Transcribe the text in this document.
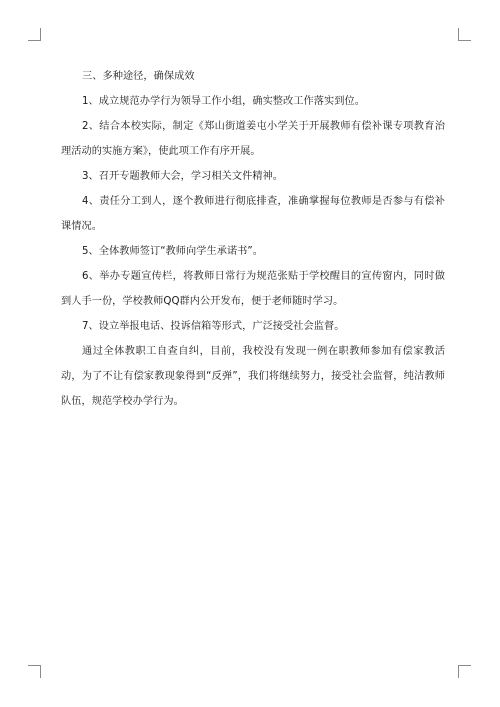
三、多种途径，确保成效

1、成立规范办学行为领导工作小组，确实整改工作落实到位。

2、结合本校实际，制定《郑山街道姜屯小学关于开展教师有偿补课专项教育治理活动的实施方案》，使此项工作有序开展。

3、召开专题教师大会，学习相关文件精神。

4、责任分工到人，逐个教师进行彻底排查，准确掌握每位教师是否参与有偿补课情况。

5、全体教师签订“教师向学生承诺书”。

6、举办专题宣传栏，将教师日常行为规范张贴于学校醒目的宣传窗内，同时做到人手一份，学校教师QQ群内公开发布，便于老师随时学习。

7、设立举报电话、投诉信箱等形式，广泛接受社会监督。

通过全体教职工自查自纠，目前，我校没有发现一例在职教师参加有偿家教活动，为了不让有偿家教现象得到“反弹”，我们将继续努力，接受社会监督，纯洁教师队伍，规范学校办学行为。
